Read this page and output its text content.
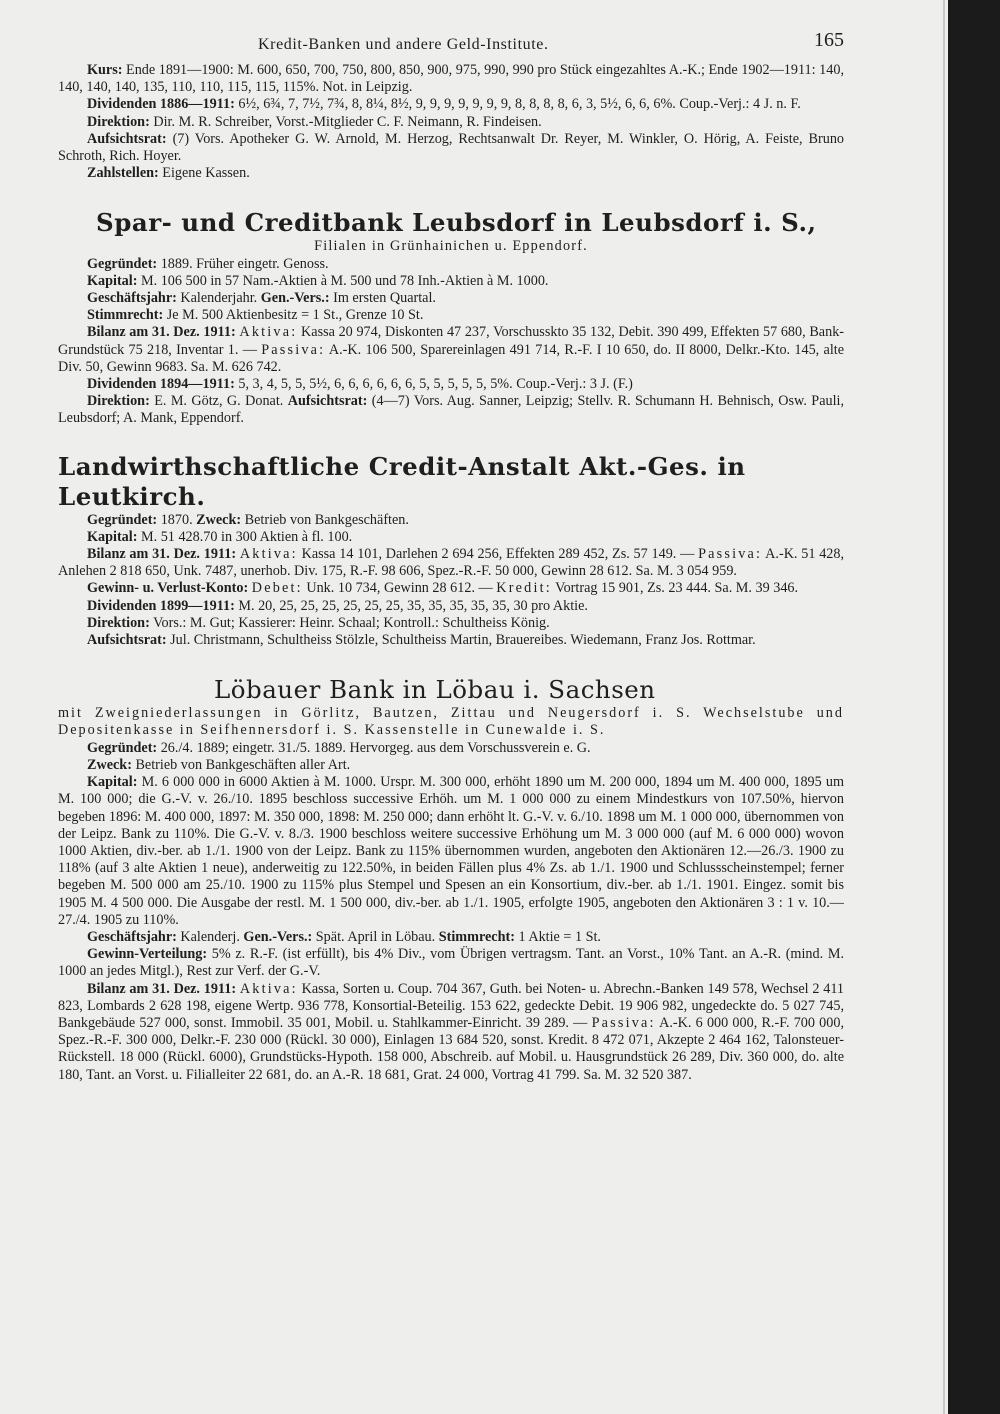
Kredit-Banken und andere Geld-Institute.	165

Kurs: Ende 1891—1900: M. 600, 650, 700, 750, 800, 850, 900, 975, 990, 990 pro Stück eingezahltes A.-K.; Ende 1902—1911: 140, 140, 140, 140, 135, 110, 110, 115, 115, 115%. Not. in Leipzig.

Dividenden 1886—1911: 6½, 6¾, 7, 7½, 7¾, 8, 8¼, 8½, 9, 9, 9, 9, 9, 9, 9, 8, 8, 8, 8, 6, 3, 5½, 6, 6, 6%. Coup.-Verj.: 4 J. n. F.

Direktion: Dir. M. R. Schreiber, Vorst.-Mitglieder C. F. Neimann, R. Findeisen.

Aufsichtsrat: (7) Vors. Apotheker G. W. Arnold, M. Herzog, Rechtsanwalt Dr. Reyer, M. Winkler, O. Hörig, A. Feiste, Bruno Schroth, Rich. Hoyer.

Zahlstellen: Eigene Kassen.

Spar- und Creditbank Leubsdorf in Leubsdorf i. S.,

Filialen in Grünhainichen u. Eppendorf.

Gegründet: 1889. Früher eingetr. Genoss.

Kapital: M. 106 500 in 57 Nam.-Aktien à M. 500 und 78 Inh.-Aktien à M. 1000.

Geschäftsjahr: Kalenderjahr. Gen.-Vers.: Im ersten Quartal.

Stimmrecht: Je M. 500 Aktienbesitz = 1 St., Grenze 10 St.

Bilanz am 31. Dez. 1911: Aktiva: Kassa 20 974, Diskonten 47 237, Vorschusskto 35 132, Debit. 390 499, Effekten 57 680, Bank-Grundstück 75 218, Inventar 1. — Passiva: A.-K. 106 500, Sparereinlagen 491 714, R.-F. I 10 650, do. II 8000, Delkr.-Kto. 145, alte Div. 50, Gewinn 9683. Sa. M. 626 742.

Dividenden 1894—1911: 5, 3, 4, 5, 5, 5½, 6, 6, 6, 6, 6, 6, 5, 5, 5, 5, 5, 5%. Coup.-Verj.: 3 J. (F.)

Direktion: E. M. Götz, G. Donat. Aufsichtsrat: (4—7) Vors. Aug. Sanner, Leipzig; Stellv. R. Schumann H. Behnisch, Osw. Pauli, Leubsdorf; A. Mank, Eppendorf.

Landwirthschaftliche Credit-Anstalt Akt.-Ges. in Leutkirch.

Gegründet: 1870. Zweck: Betrieb von Bankgeschäften.

Kapital: M. 51 428.70 in 300 Aktien à fl. 100.

Bilanz am 31. Dez. 1911: Aktiva: Kassa 14 101, Darlehen 2 694 256, Effekten 289 452, Zs. 57 149. — Passiva: A.-K. 51 428, Anlehen 2 818 650, Unk. 7487, unerhob. Div. 175, R.-F. 98 606, Spez.-R.-F. 50 000, Gewinn 28 612. Sa. M. 3 054 959.

Gewinn- u. Verlust-Konto: Debet: Unk. 10 734, Gewinn 28 612. — Kredit: Vortrag 15 901, Zs. 23 444. Sa. M. 39 346.

Dividenden 1899—1911: M. 20, 25, 25, 25, 25, 25, 25, 35, 35, 35, 35, 35, 30 pro Aktie.

Direktion: Vors.: M. Gut; Kassierer: Heinr. Schaal; Kontroll.: Schultheiss König.

Aufsichtsrat: Jul. Christmann, Schultheiss Stölzle, Schultheiss Martin, Brauereibes. Wiedemann, Franz Jos. Rottmar.

Löbauer Bank in Löbau i. Sachsen

mit Zweigniederlassungen in Görlitz, Bautzen, Zittau und Neugersdorf i. S. Wechselstube und Depositenkasse in Seifhennersdorf i. S. Kassenstelle in Cunewalde i. S.

Gegründet: 26./4. 1889; eingetr. 31./5. 1889. Hervorgeg. aus dem Vorschussverein e. G.

Zweck: Betrieb von Bankgeschäften aller Art.

Kapital: M. 6 000 000 in 6000 Aktien à M. 1000. Urspr. M. 300 000, erhöht 1890 um M. 200 000, 1894 um M. 400 000, 1895 um M. 100 000; die G.-V. v. 26./10. 1895 beschloss successive Erhöh. um M. 1 000 000 zu einem Mindestkurs von 107.50%, hiervon begeben 1896: M. 400 000, 1897: M. 350 000, 1898: M. 250 000; dann erhöht lt. G.-V. v. 6./10. 1898 um M. 1 000 000, übernommen von der Leipz. Bank zu 110%. Die G.-V. v. 8./3. 1900 beschloss weitere successive Erhöhung um M. 3 000 000 (auf M. 6 000 000) wovon 1000 Aktien, div.-ber. ab 1./1. 1900 von der Leipz. Bank zu 115% übernommen wurden, angeboten den Aktionären 12.—26./3. 1900 zu 118% (auf 3 alte Aktien 1 neue), anderweitig zu 122.50%, in beiden Fällen plus 4% Zs. ab 1./1. 1900 und Schlussscheinstempel; ferner begeben M. 500 000 am 25./10. 1900 zu 115% plus Stempel und Spesen an ein Konsortium, div.-ber. ab 1./1. 1901. Eingez. somit bis 1905 M. 4 500 000. Die Ausgabe der restl. M. 1 500 000, div.-ber. ab 1./1. 1905, erfolgte 1905, angeboten den Aktionären 3 : 1 v. 10.—27./4. 1905 zu 110%.

Geschäftsjahr: Kalenderj. Gen.-Vers.: Spät. April in Löbau. Stimmrecht: 1 Aktie = 1 St.

Gewinn-Verteilung: 5% z. R.-F. (ist erfüllt), bis 4% Div., vom Übrigen vertragsm. Tant. an Vorst., 10% Tant. an A.-R. (mind. M. 1000 an jedes Mitgl.), Rest zur Verf. der G.-V.

Bilanz am 31. Dez. 1911: Aktiva: Kassa, Sorten u. Coup. 704 367, Guth. bei Noten- u. Abrechn.-Banken 149 578, Wechsel 2 411 823, Lombards 2 628 198, eigene Wertp. 936 778, Konsortial-Beteilig. 153 622, gedeckte Debit. 19 906 982, ungedeckte do. 5 027 745, Bankgebäude 527 000, sonst. Immobil. 35 001, Mobil. u. Stahlkammer-Einricht. 39 289. — Passiva: A.-K. 6 000 000, R.-F. 700 000, Spez.-R.-F. 300 000, Delkr.-F. 230 000 (Rückl. 30 000), Einlagen 13 684 520, sonst. Kredit. 8 472 071, Akzepte 2 464 162, Talonsteuer-Rückstell. 18 000 (Rückl. 6000), Grundstücks-Hypoth. 158 000, Abschreib. auf Mobil. u. Hausgrundstück 26 289, Div. 360 000, do. alte 180, Tant. an Vorst. u. Filialleiter 22 681, do. an A.-R. 18 681, Grat. 24 000, Vortrag 41 799. Sa. M. 32 520 387.
